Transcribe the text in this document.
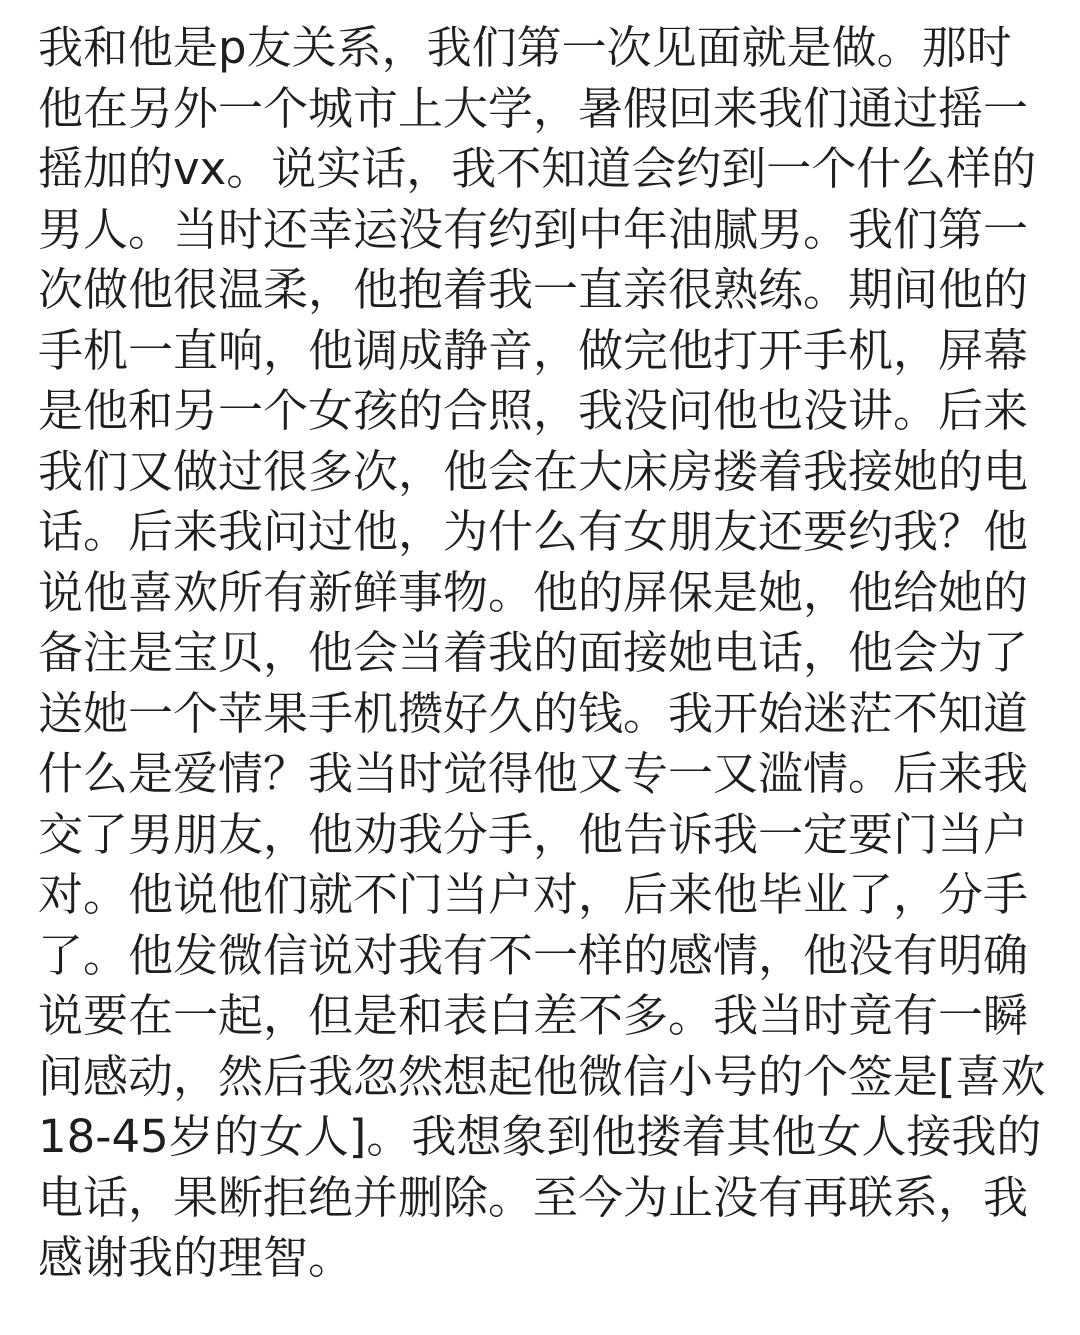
我和他是p友关系，我们第一次见面就是做。那时
他在另外一个城市上大学，暑假回来我们通过摇一
摇加的vx。说实话，我不知道会约到一个什么样的
男人。当时还幸运没有约到中年油腻男。我们第一
次做他很温柔，他抱着我一直亲很熟练。期间他的
手机一直响，他调成静音，做完他打开手机，屏幕
是他和另一个女孩的合照，我没问他也没讲。后来
我们又做过很多次，他会在大床房搂着我接她的电
话。后来我问过他，为什么有女朋友还要约我？他
说他喜欢所有新鲜事物。他的屏保是她，他给她的
备注是宝贝，他会当着我的面接她电话，他会为了
送她一个苹果手机攒好久的钱。我开始迷茫不知道
什么是爱情？我当时觉得他又专一又滥情。后来我
交了男朋友，他劝我分手，他告诉我一定要门当户
对。他说他们就不门当户对，后来他毕业了，分手
了。他发微信说对我有不一样的感情，他没有明确
说要在一起，但是和表白差不多。我当时竟有一瞬
间感动，然后我忽然想起他微信小号的个签是[喜欢
18-45岁的女人]。我想象到他搂着其他女人接我的
电话，果断拒绝并删除。至今为止没有再联系，我
感谢我的理智。
